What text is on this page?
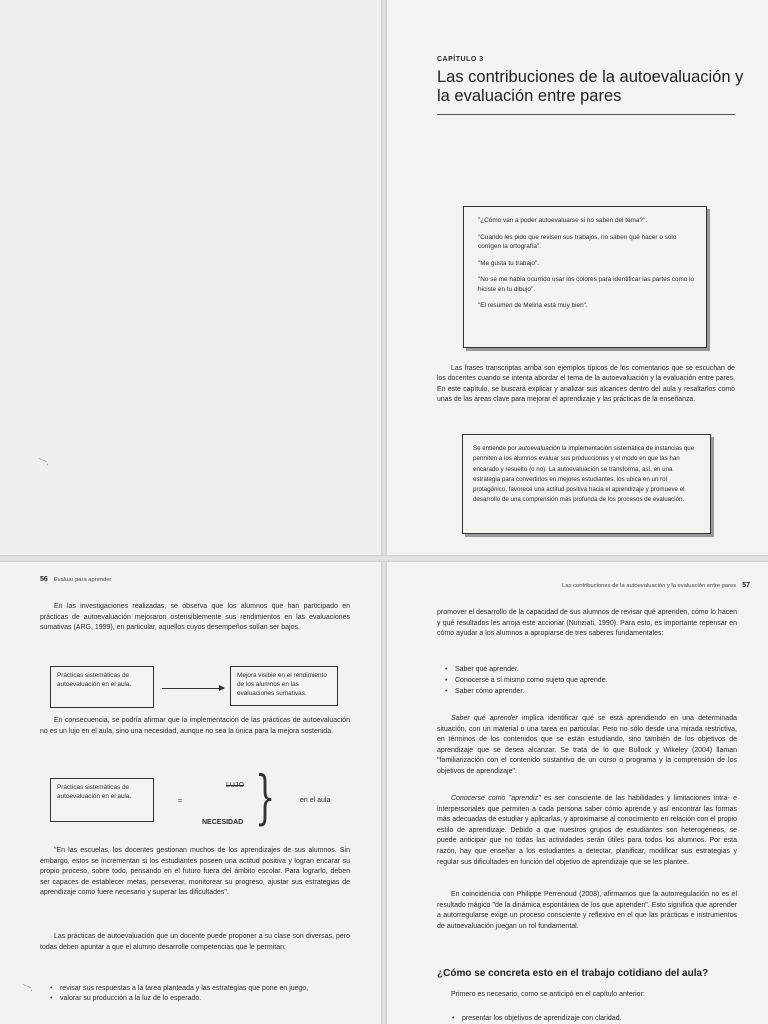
~~,
CAPÍTULO 3
Las contribuciones de la autoevaluación y la evaluación entre pares

"¿Cómo van a poder autoevaluarse si no saben del tema?".

"Cuando les pido que revisen sus trabajos, no saben qué hacer o sólo corrigen la ortografía".

"Me gusta tu trabajo".

"No se me había ocurrido usar los colores para identificar las partes como lo hiciste en tu dibujo".

"El resumen de Melina está muy bien".

Las frases transcriptas arriba son ejemplos típicos de los comentarios que se escuchan de los docentes cuando se intenta abordar el tema de la autoevaluación y la evaluación entre pares. En este capítulo, se buscará explicar y analizar sus alcances dentro del aula y resaltarlos como unas de las áreas clave para mejorar el aprendizaje y las prácticas de la enseñanza.

Se entiende por autoevaluación la implementación sistemática de instancias que permiten a los alumnos evaluar sus producciones y el modo en que las han encarado y resuelto (o no). La autoevaluación se transforma, así, en una estrategia para convertirlos en mejores estudiantes, los ubica en un rol protagónico, favorece una actitud positiva hacia el aprendizaje y promueve el desarrollo de una comprensión más profunda de los procesos de evaluación.

56 Evaluar para aprender

En las investigaciones realizadas, se observa que los alumnos que han participado en prácticas de autoevaluación mejoraron ostensiblemente sus rendimientos en las evaluaciones sumativas (ARG, 1999), en particular, aquellos cuyos desempeños solían ser bajos.

Prácticas sistemáticas de autoevaluación en el aula.
Mejora visible en el rendimiento de los alumnos en las evaluaciones sumativas.

En consecuencia, se podría afirmar que la implementación de las prácticas de autoevaluación no es un lujo en el aula, sino una necesidad, aunque no sea la única para la mejora sostenida.

Prácticas sistemáticas de autoevaluación en el aula.
=
LUJO
NECESIDAD }	en el aula

"En las escuelas, los docentes gestionan muchos de los aprendizajes de sus alumnos. Sin embargo, estos se incrementan si los estudiantes poseen una actitud positiva y logran encarar su propio proceso, sobre todo, pensando en el futuro fuera del ámbito escolar. Para lograrlo, deben ser capaces de establecer metas, perseverar, monitorear su progreso, ajustar sus estrategias de aprendizaje como fuere necesario y superar las dificultades".

Las prácticas de autoevaluación que un docente puede proponer a su clase son diversas, pero todas deben apuntar a que el alumno desarrolle competencias que le permitan:

~~,
•	revisar sus respuestas a la tarea planteada y las estrategias que pone en juego,
• valorar su producción a la luz de lo esperado.
Las contribuciones de la autoevaluación y la evaluación entre pares 57

promover el desarrollo de la capacidad de sus alumnos de revisar qué aprenden, cómo lo hacen y qué resultados les arroja este accionar (Nunziati, 1990). Para esto, es importante repensar en cómo ayudar a los alumnos a apropiarse de tres saberes fundamentales:

• Saber qué aprender.
• Conocerse a sí mismo como sujeto que aprende.
• Saber cómo aprender.

Saber qué aprender implica identificar qué se está aprendiendo en una determinada situación, con un material o una tarea en particular. Pero no sólo desde una mirada restrictiva, en términos de los contenidos que se están estudiando, sino también de los objetivos de aprendizaje que se desea alcanzar. Se trata de lo que Bullock y Wikeley (2004) llaman "familiarización con el contenido sustantivo de un curso o programa y la comprensión de los objetivos de aprendizaje".

Conocerse como "aprendiz" es ser consciente de las habilidades y limitaciones intra- e interpersonales que permiten a cada persona saber cómo aprende y así encontrar las formas más adecuadas de estudiar y aplicarlas, y aproximarse al conocimiento en relación con el propio estilo de aprendizaje. Debido a que nuestros grupos de estudiantes son heterogéneos, se puede anticipar que no todas las actividades serán útiles para todos los alumnos. Por esta razón, hay que enseñar a los estudiantes a detectar, planificar, modificar sus estrategias y regular sus dificultades en función del objetivo de aprendizaje que se les plantee.

En coincidencia con Philippe Perrenoud (2008), afirmamos que la autorregulación no es el resultado mágico "de la dinámica espontánea de los que aprenden". Esto significa que aprender a autorregularse exige un proceso consciente y reflexivo en el que las prácticas e instrumentos de autoevaluación juegan un rol fundamental.

¿Cómo se concreta esto en el trabajo cotidiano del aula?

Primero es necesario, como se anticipó en el capítulo anterior:

• presentar los objetivos de aprendizaje con claridad.
